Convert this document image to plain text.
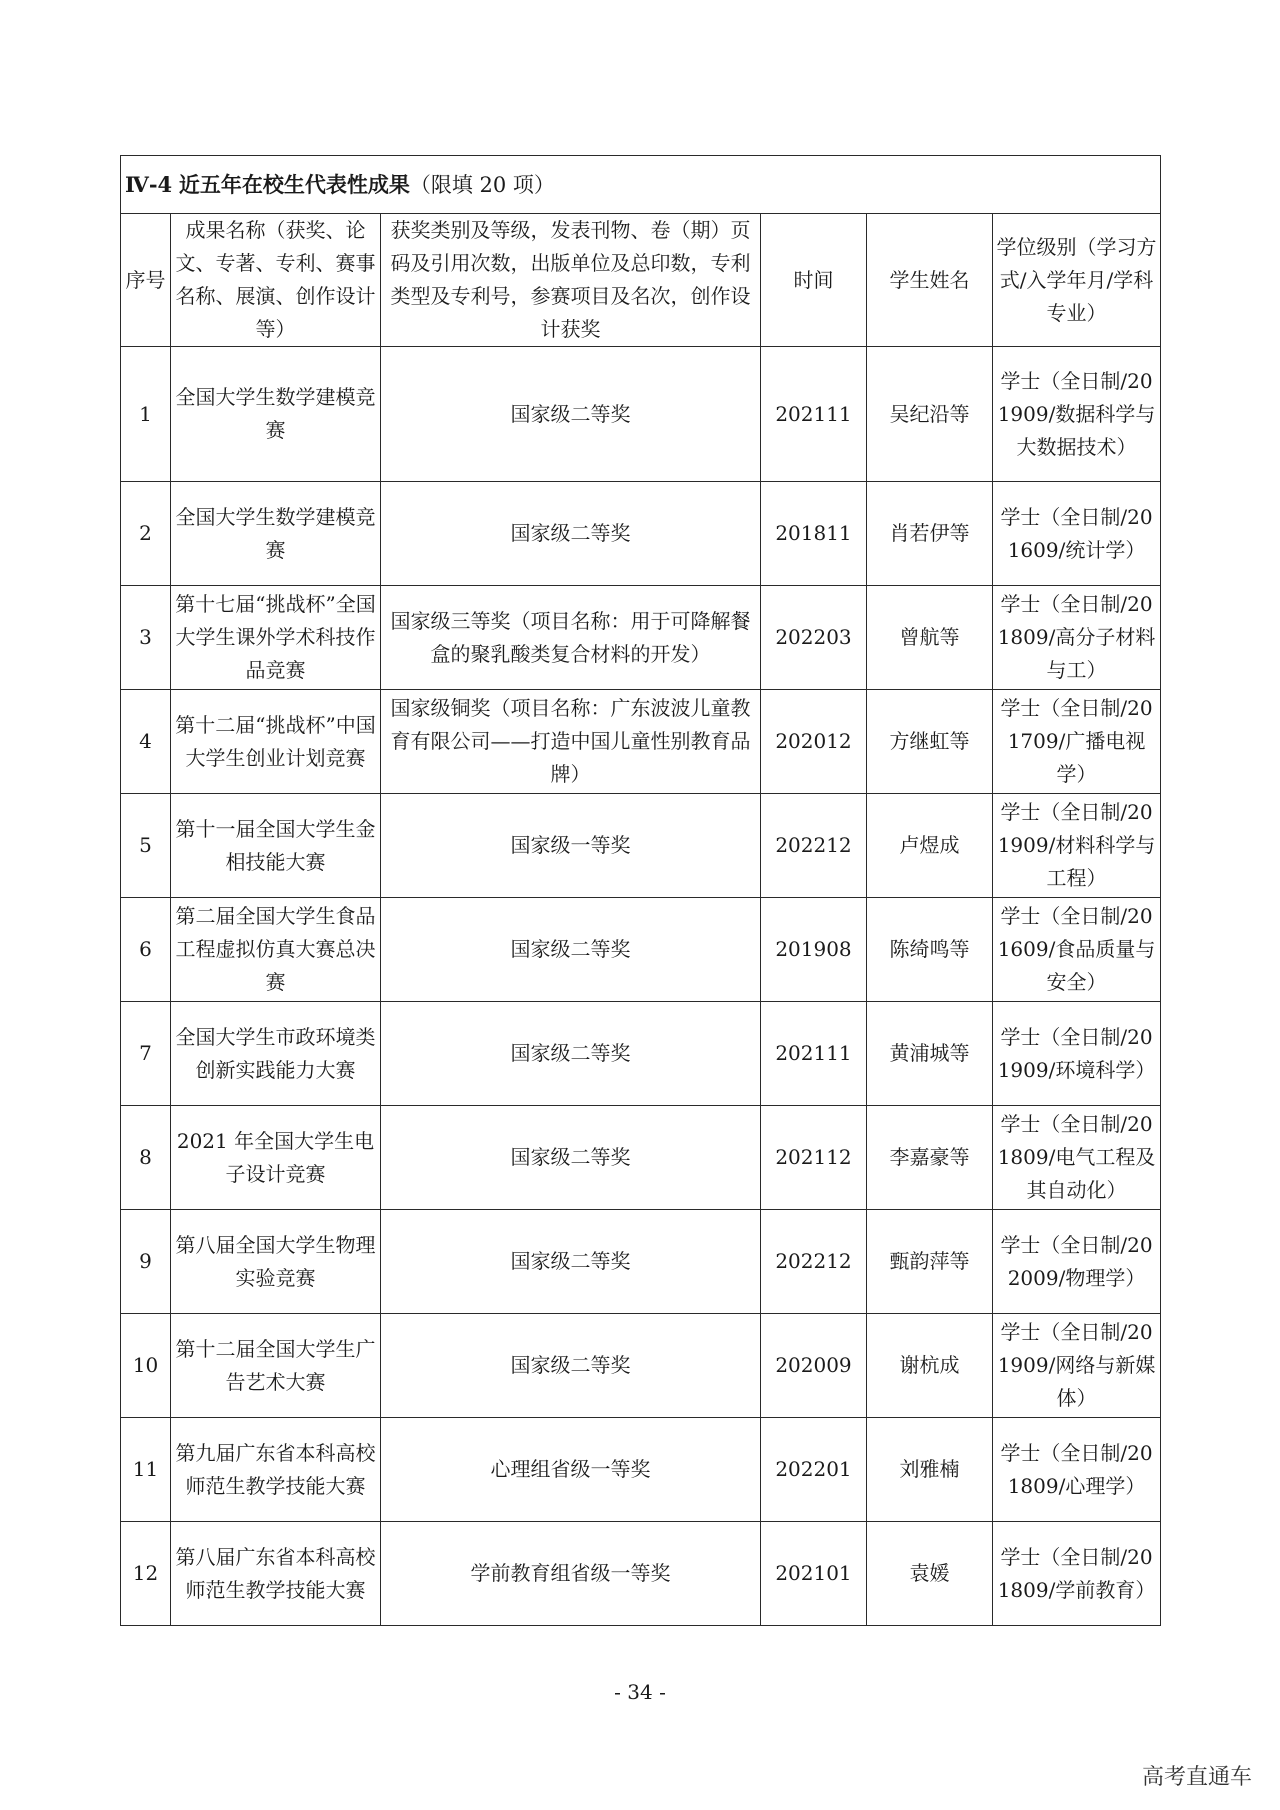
Ⅳ-4 近五年在校生代表性成果（限填 20 项）					
序号	成果名称（获奖、论文、专著、专利、赛事名称、展演、创作设计等）	获奖类别及等级，发表刊物、卷（期）页码及引用次数，出版单位及总印数，专利类型及专利号，参赛项目及名次，创作设计获奖	时间	学生姓名	学位级别（学习方式/入学年月/学科专业）
1	全国大学生数学建模竞赛	国家级二等奖	202111	吴纪沿等	学士（全日制/201909/数据科学与大数据技术）
2	全国大学生数学建模竞赛	国家级二等奖	201811	肖若伊等	学士（全日制/201609/统计学）
3	第十七届“挑战杯”全国大学生课外学术科技作品竞赛	国家级三等奖（项目名称：用于可降解餐盒的聚乳酸类复合材料的开发）	202203	曾航等	学士（全日制/201809/高分子材料与工）
4	第十二届“挑战杯”中国大学生创业计划竞赛	国家级铜奖（项目名称：广东波波儿童教育有限公司——打造中国儿童性别教育品牌）	202012	方继虹等	学士（全日制/201709/广播电视学）
5	第十一届全国大学生金相技能大赛	国家级一等奖	202212	卢煜成	学士（全日制/201909/材料科学与工程）
6	第二届全国大学生食品工程虚拟仿真大赛总决赛	国家级二等奖	201908	陈绮鸣等	学士（全日制/201609/食品质量与安全）
7	全国大学生市政环境类创新实践能力大赛	国家级二等奖	202111	黄浦城等	学士（全日制/201909/环境科学）
8	2021 年全国大学生电子设计竞赛	国家级二等奖	202112	李嘉豪等	学士（全日制/201809/电气工程及其自动化）
9	第八届全国大学生物理实验竞赛	国家级二等奖	202212	甄韵萍等	学士（全日制/202009/物理学）
10	第十二届全国大学生广告艺术大赛	国家级二等奖	202009	谢杭成	学士（全日制/201909/网络与新媒体）
11	第九届广东省本科高校师范生教学技能大赛	心理组省级一等奖	202201	刘雅楠	学士（全日制/201809/心理学）
12	第八届广东省本科高校师范生教学技能大赛	学前教育组省级一等奖	202101	袁媛	学士（全日制/201809/学前教育）
- 34 -
高考直通车
